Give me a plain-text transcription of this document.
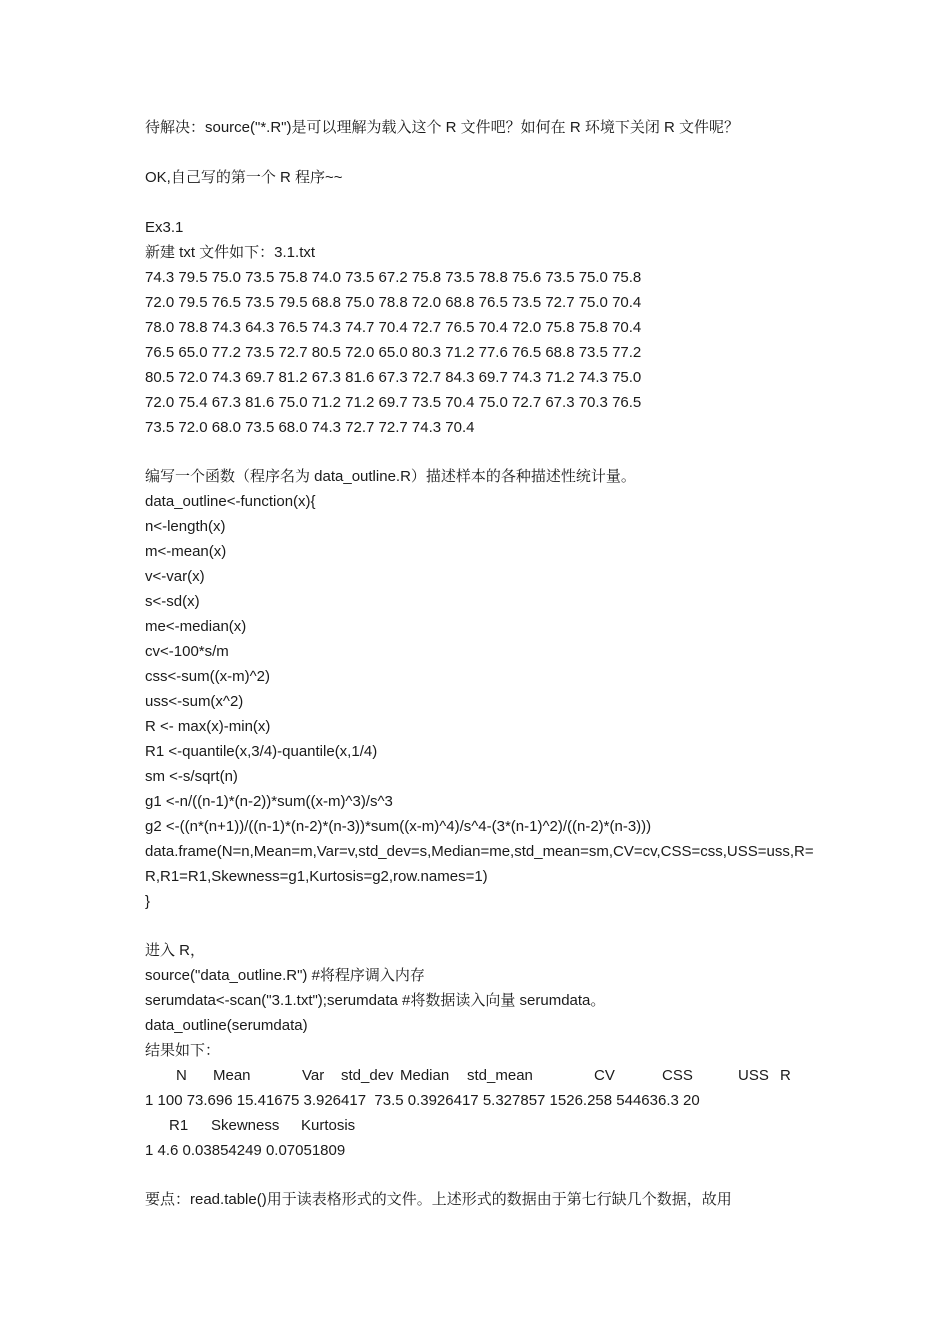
待解决：source("*.R")是可以理解为载入这个 R 文件吧？如何在 R 环境下关闭 R 文件呢？
OK,自己写的第一个 R 程序~~
Ex3.1
新建 txt 文件如下：3.1.txt
74.3 79.5 75.0 73.5 75.8 74.0 73.5 67.2 75.8 73.5 78.8 75.6 73.5 75.0 75.8
72.0 79.5 76.5 73.5 79.5 68.8 75.0 78.8 72.0 68.8 76.5 73.5 72.7 75.0 70.4
78.0 78.8 74.3 64.3 76.5 74.3 74.7 70.4 72.7 76.5 70.4 72.0 75.8 75.8 70.4
76.5 65.0 77.2 73.5 72.7 80.5 72.0 65.0 80.3 71.2 77.6 76.5 68.8 73.5 77.2
80.5 72.0 74.3 69.7 81.2 67.3 81.6 67.3 72.7 84.3 69.7 74.3 71.2 74.3 75.0
72.0 75.4 67.3 81.6 75.0 71.2 71.2 69.7 73.5 70.4 75.0 72.7 67.3 70.3 76.5
73.5 72.0 68.0 73.5 68.0 74.3 72.7 72.7 74.3 70.4
编写一个函数（程序名为 data_outline.R）描述样本的各种描述性统计量。
data_outline<-function(x){
n<-length(x)
m<-mean(x)
v<-var(x)
s<-sd(x)
me<-median(x)
cv<-100*s/m
css<-sum((x-m)^2)
uss<-sum(x^2)
R <- max(x)-min(x)
R1 <-quantile(x,3/4)-quantile(x,1/4)
sm <-s/sqrt(n)
g1 <-n/((n-1)*(n-2))*sum((x-m)^3)/s^3
g2 <-((n*(n+1))/((n-1)*(n-2)*(n-3))*sum((x-m)^4)/s^4-(3*(n-1)^2)/((n-2)*(n-3)))
data.frame(N=n,Mean=m,Var=v,std_dev=s,Median=me,std_mean=sm,CV=cv,CSS=css,USS=uss,R=
R,R1=R1,Skewness=g1,Kurtosis=g2,row.names=1)
}
进入 R，
source("data_outline.R") #将程序调入内存
serumdata<-scan("3.1.txt");serumdata #将数据读入向量 serumdata。
data_outline(serumdata)
结果如下：
N Mean	Var std_dev Median std_mean	CV	CSS	USS R
1 100 73.696 15.41675 3.926417  73.5 0.3926417 5.327857 1526.258 544636.3 20
R1 Skewness Kurtosis
1 4.6 0.03854249 0.07051809
要点：read.table()用于读表格形式的文件。上述形式的数据由于第七行缺几个数据，故用
